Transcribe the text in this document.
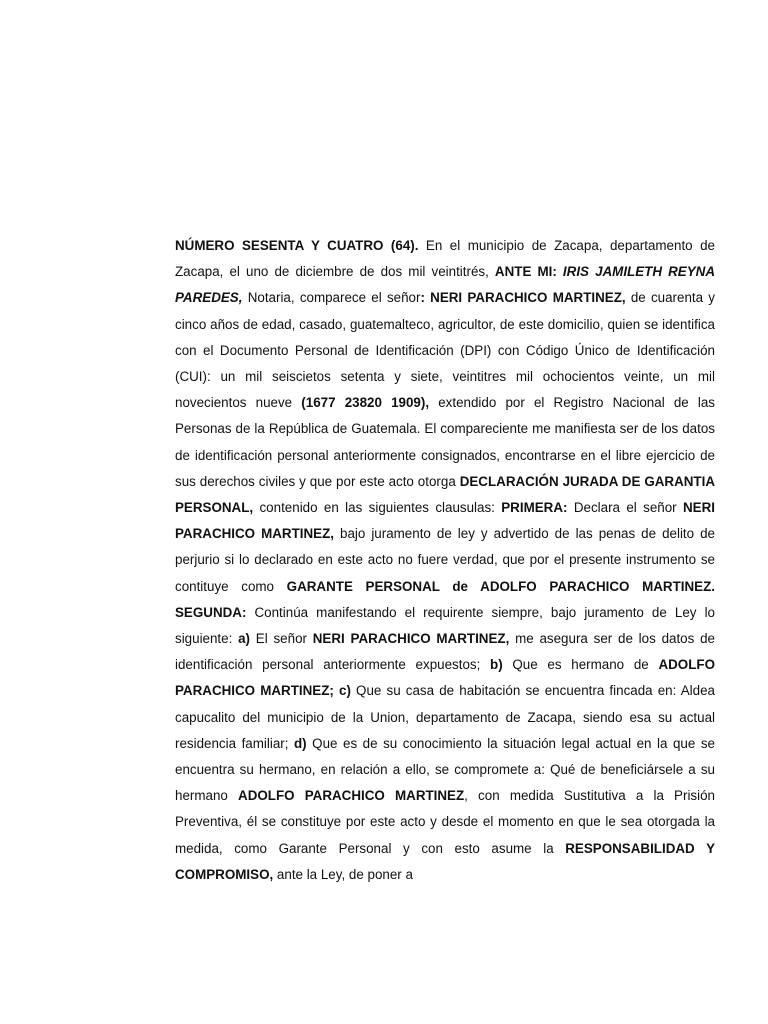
NÚMERO SESENTA Y CUATRO (64). En el municipio de Zacapa, departamento de Zacapa, el uno de diciembre de dos mil veintitrés, ANTE MI: IRIS JAMILETH REYNA PAREDES, Notaria, comparece el señor: NERI PARACHICO MARTINEZ, de cuarenta y cinco años de edad, casado, guatemalteco, agricultor, de este domicilio, quien se identifica con el Documento Personal de Identificación (DPI) con Código Único de Identificación (CUI): un mil seiscietos setenta y siete, veintitres mil ochocientos veinte, un mil novecientos nueve (1677 23820 1909), extendido por el Registro Nacional de las Personas de la República de Guatemala. El compareciente me manifiesta ser de los datos de identificación personal anteriormente consignados, encontrarse en el libre ejercicio de sus derechos civiles y que por este acto otorga DECLARACIÓN JURADA DE GARANTIA PERSONAL, contenido en las siguientes clausulas: PRIMERA: Declara el señor NERI PARACHICO MARTINEZ, bajo juramento de ley y advertido de las penas de delito de perjurio si lo declarado en este acto no fuere verdad, que por el presente instrumento se contituye como GARANTE PERSONAL de ADOLFO PARACHICO MARTINEZ. SEGUNDA: Continúa manifestando el requirente siempre, bajo juramento de Ley lo siguiente: a) El señor NERI PARACHICO MARTINEZ, me asegura ser de los datos de identificación personal anteriormente expuestos; b) Que es hermano de ADOLFO PARACHICO MARTINEZ; c) Que su casa de habitación se encuentra fincada en: Aldea capucalito del municipio de la Union, departamento de Zacapa, siendo esa su actual residencia familiar; d) Que es de su conocimiento la situación legal actual en la que se encuentra su hermano, en relación a ello, se compromete a: Qué de beneficiársele a su hermano ADOLFO PARACHICO MARTINEZ, con medida Sustitutiva a la Prisión Preventiva, él se constituye por este acto y desde el momento en que le sea otorgada la medida, como Garante Personal y con esto asume la RESPONSABILIDAD Y COMPROMISO, ante la Ley, de poner a
